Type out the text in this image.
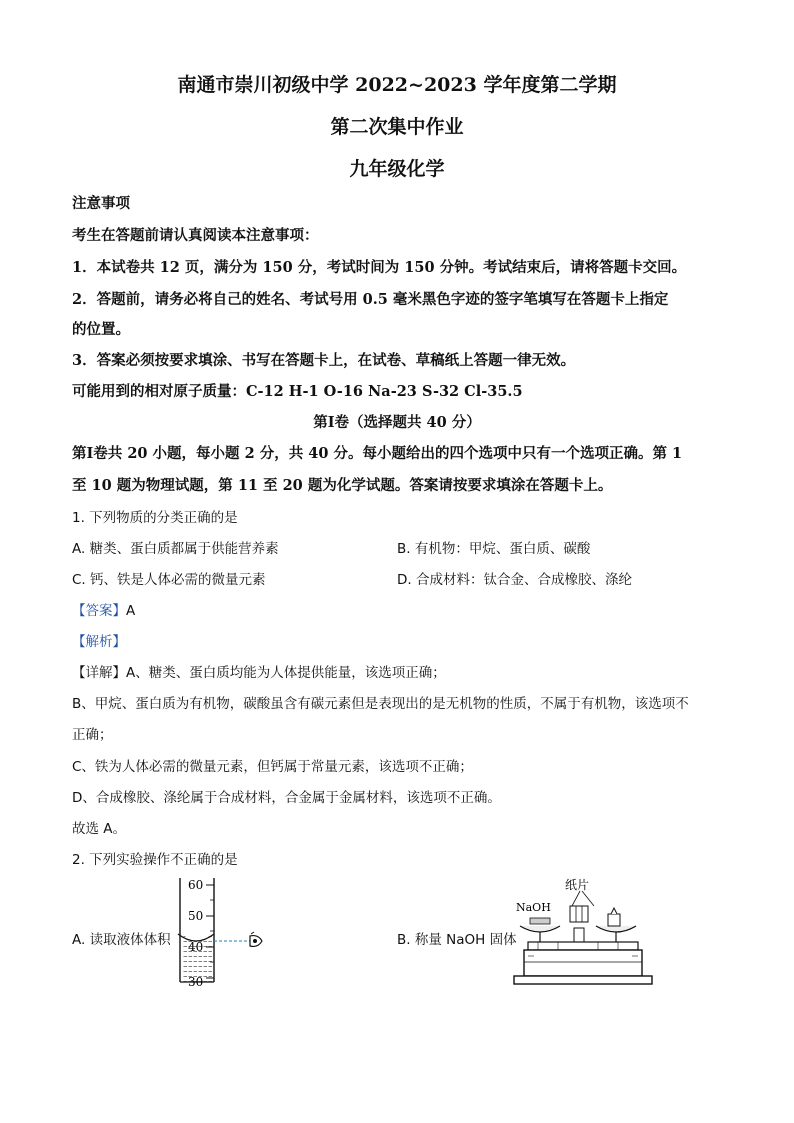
南通市崇川初级中学 2022~2023 学年度第二学期
第二次集中作业
九年级化学
注意事项
考生在答题前请认真阅读本注意事项：
1．本试卷共 12 页，满分为 150 分，考试时间为 150 分钟。考试结束后，请将答题卡交回。
2．答题前，请务必将自己的姓名、考试号用 0.5 毫米黑色字迹的签字笔填写在答题卡上指定
的位置。
3．答案必须按要求填涂、书写在答题卡上，在试卷、草稿纸上答题一律无效。
可能用到的相对原子质量：C-12 H-1 O-16 Na-23 S-32 Cl-35.5
第Ⅰ卷（选择题共 40 分）
第Ⅰ卷共 20 小题，每小题 2 分，共 40 分。每小题给出的四个选项中只有一个选项正确。第 1
至 10 题为物理试题，第 11 至 20 题为化学试题。答案请按要求填涂在答题卡上。
1. 下列物质的分类正确的是
A. 糖类、蛋白质都属于供能营养素	B. 有机物：甲烷、蛋白质、碳酸
C. 钙、铁是人体必需的微量元素	D. 合成材料：钛合金、合成橡胶、涤纶
【答案】A
【解析】
【详解】A、糖类、蛋白质均能为人体提供能量，该选项正确；
B、甲烷、蛋白质为有机物，碳酸虽含有碳元素但是表现出的是无机物的性质，不属于有机物，该选项不
正确；
C、铁为人体必需的微量元素，但钙属于常量元素，该选项不正确；
D、合成橡胶、涤纶属于合成材料，合金属于金属材料，该选项不正确。
故选 A。
2. 下列实验操作不正确的是
A. 读取液体体积
60
50
40
30
B. 称量 NaOH 固体
纸片
NaOH
